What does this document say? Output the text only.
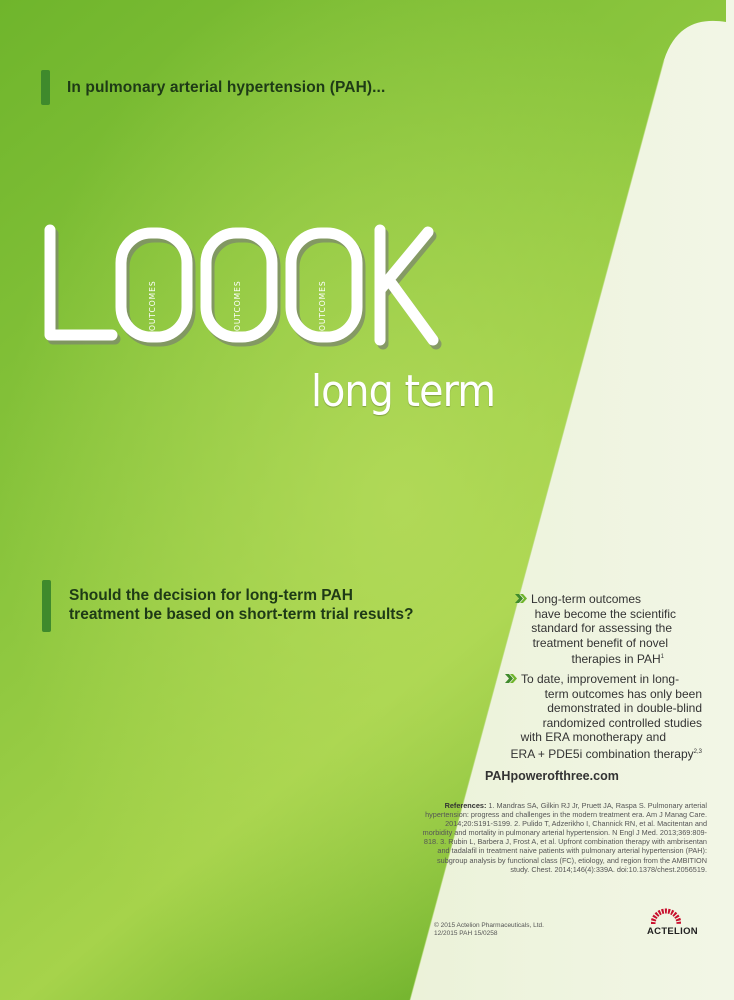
In pulmonary arterial hypertension (PAH)...
OUTCOMES	OUTCOMES	OUTCOMES
long term
Should the decision for long-term PAH
treatment be based on short-term trial results?
Long-term outcomes
have become the scientific
standard for assessing the
treatment benefit of novel
therapies in PAH$^1$
To date, improvement in long-
term outcomes has only been
demonstrated in double-blind
randomized controlled studies
with ERA monotherapy and
ERA + PDE5i combination therapy$^{2,3}$
PAHpowerofthree.com
References: 1. Mandras SA, Gilkin RJ Jr, Pruett JA, Raspa S. Pulmonary arterial hypertension: progress and challenges in the modern treatment era. Am J Manag Care. 2014;20:S191-S199. 2. Pulido T, Adzerikho I, Channick RN, et al. Macitentan and morbidity and mortality in pulmonary arterial hypertension. N Engl J Med. 2013;369:809-818. 3. Rubin L, Barbera J, Frost A, et al. Upfront combination therapy with ambrisentan and tadalafil in treatment naive patients with pulmonary arterial hypertension (PAH): subgroup analysis by functional class (FC), etiology, and region from the AMBITION study. Chest. 2014;146(4):339A. doi:10.1378/chest.2056519.
© 2015 Actelion Pharmaceuticals, Ltd.
12/2015 PAH 15/0258	ACTELION
